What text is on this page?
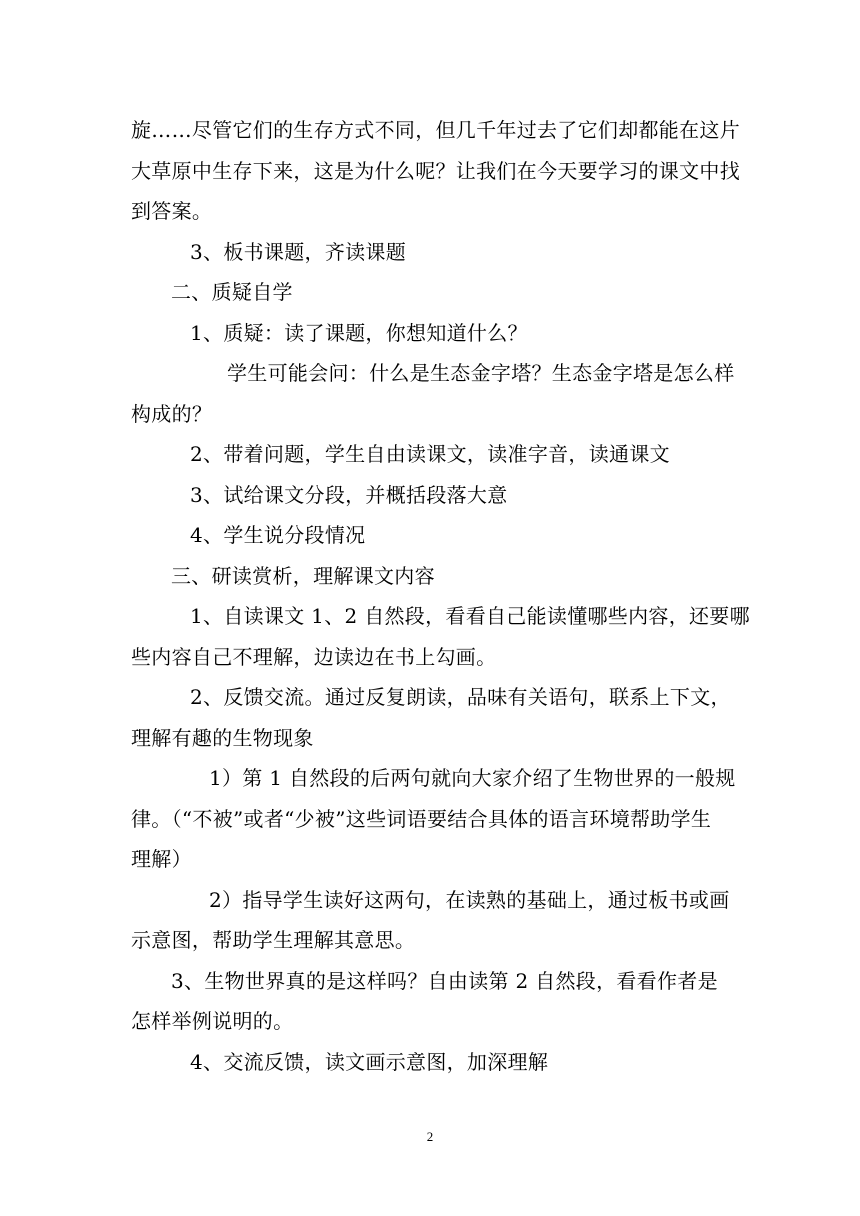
旋……尽管它们的生存方式不同，但几千年过去了它们却都能在这片
大草原中生存下来，这是为什么呢？让我们在今天要学习的课文中找
到答案。
3、板书课题，齐读课题
二、质疑自学
1、质疑：读了课题，你想知道什么？
学生可能会问：什么是生态金字塔？生态金字塔是怎么样
构成的？
2、带着问题，学生自由读课文，读准字音，读通课文
3、试给课文分段，并概括段落大意
4、学生说分段情况
三、研读赏析，理解课文内容
1、自读课文 1、2 自然段，看看自己能读懂哪些内容，还要哪
些内容自己不理解，边读边在书上勾画。
2、反馈交流。通过反复朗读，品味有关语句，联系上下文，
理解有趣的生物现象
1）第 1 自然段的后两句就向大家介绍了生物世界的一般规
律。（“不被”或者“少被”这些词语要结合具体的语言环境帮助学生
理解）
2）指导学生读好这两句，在读熟的基础上，通过板书或画
示意图，帮助学生理解其意思。
3、生物世界真的是这样吗？自由读第 2 自然段，看看作者是
怎样举例说明的。
4、交流反馈，读文画示意图，加深理解
2
